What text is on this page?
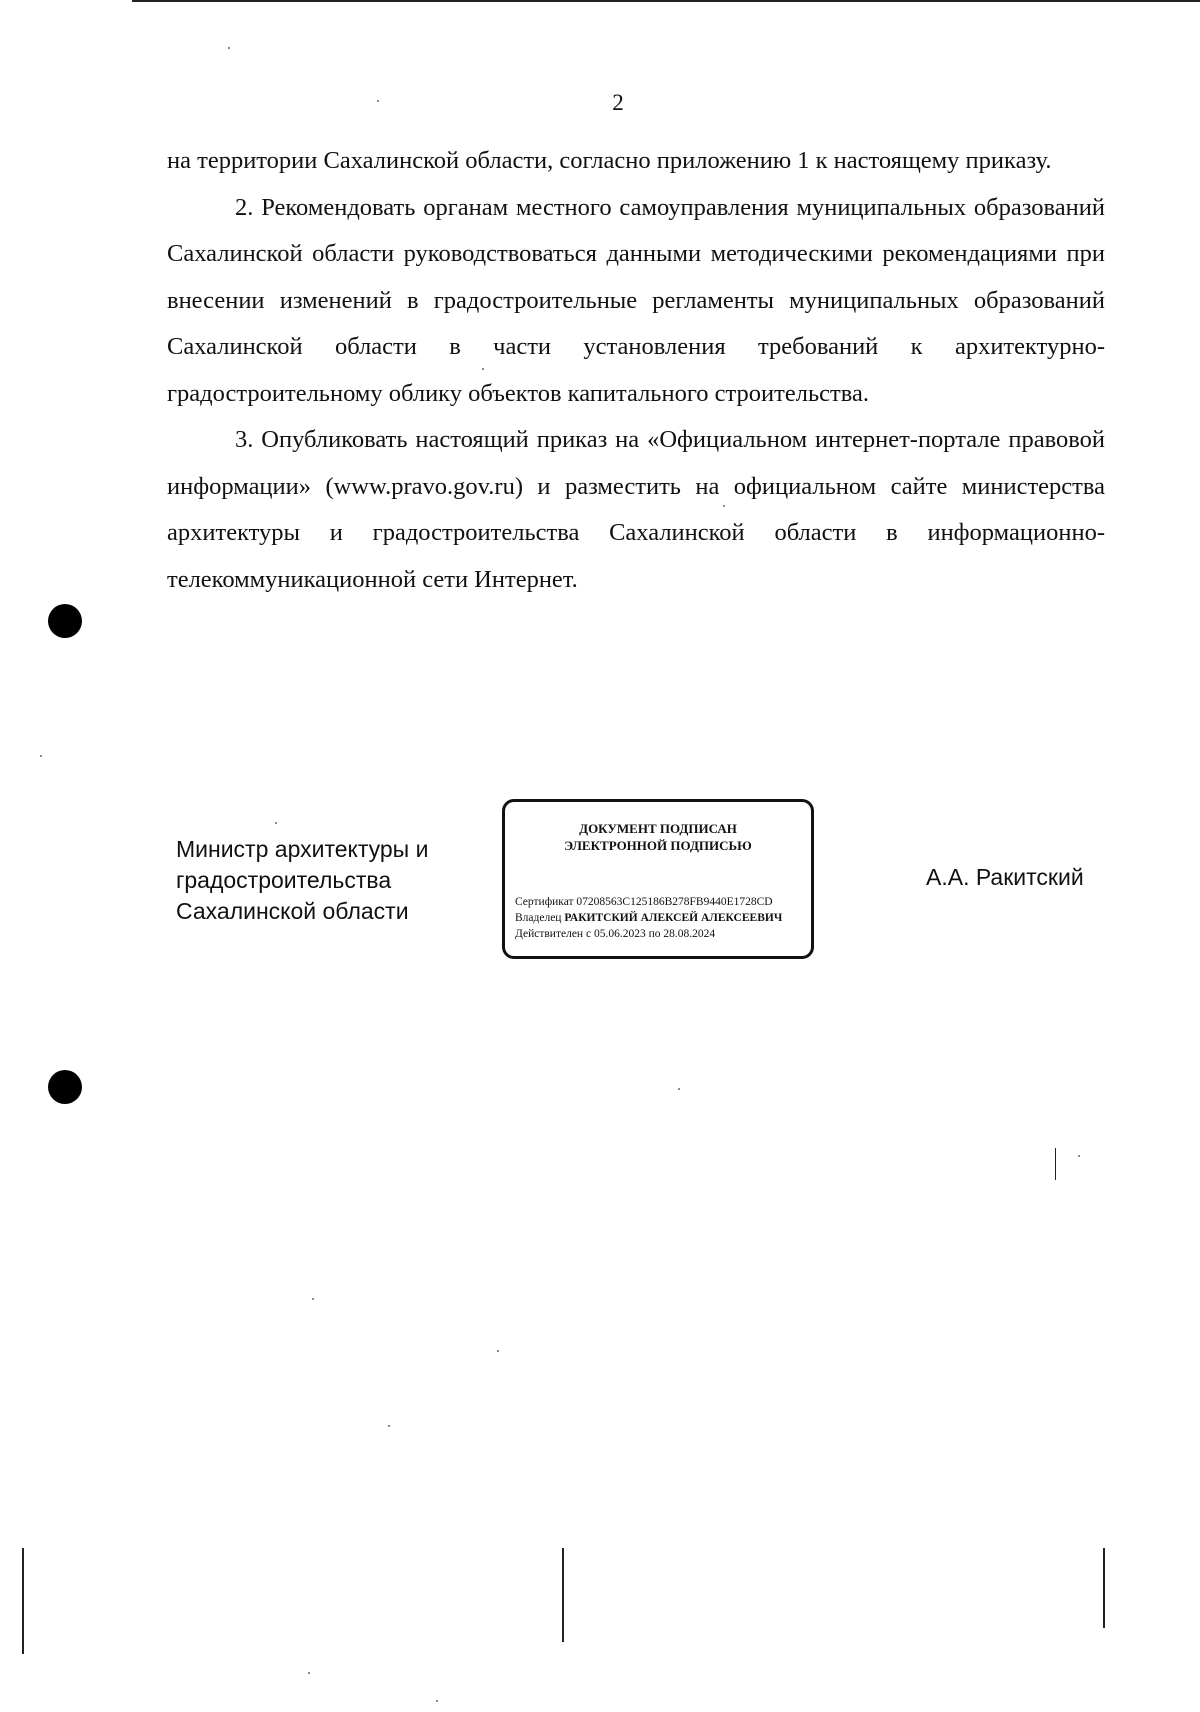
2

на территории Сахалинской области, согласно приложению 1 к настоящему приказу.

2. Рекомендовать органам местного самоуправления муниципальных образований Сахалинской области руководствоваться данными методическими рекомендациями при внесении изменений в градостроительные регламенты муниципальных образований Сахалинской области в части установления требований к архитектурно-градостроительному облику объектов капитального строительства.

3. Опубликовать настоящий приказ на «Официальном интернет-портале правовой информации» (www.pravo.gov.ru) и разместить на официальном сайте министерства архитектуры и градостроительства Сахалинской области в информационно-телекоммуникационной сети Интернет.

Министр архитектуры и
градостроительства
Сахалинской области
ДОКУМЕНТ ПОДПИСАН
ЭЛЕКТРОННОЙ ПОДПИСЬЮ
Сертификат 07208563C125186B278FB9440E1728CD
Владелец РАКИТСКИЙ АЛЕКСЕЙ АЛЕКСЕЕВИЧ
Действителен с 05.06.2023 по 28.08.2024
А.А. Ракитский
